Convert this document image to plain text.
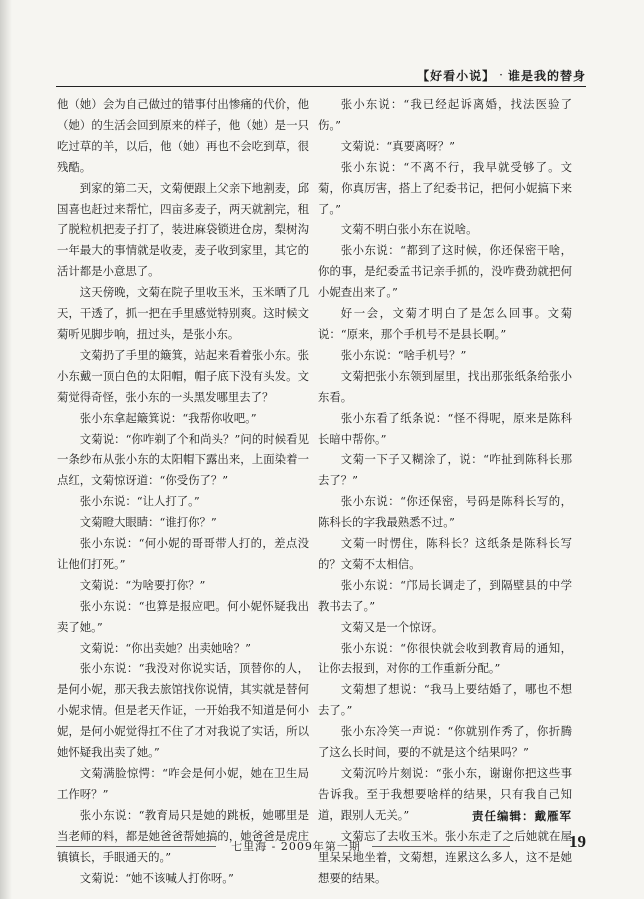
【好看小说】 · 谁是我的替身

他（她）会为自己做过的错事付出惨痛的代价，他（她）的生活会回到原来的样子，他（她）是一只吃过草的羊，以后，他（她）再也不会吃到草，很残酷。

到家的第二天，文菊便跟上父亲下地割麦，邱国喜也赶过来帮忙，四亩多麦子，两天就割完，租了脱粒机把麦子打了，装进麻袋锁进仓房，梨树沟一年最大的事情就是收麦，麦子收到家里，其它的活计都是小意思了。

这天傍晚，文菊在院子里收玉米，玉米晒了几天，干透了，抓一把在手里感觉特别爽。这时候文菊听见脚步响，扭过头，是张小东。

文菊扔了手里的簸箕，站起来看着张小东。张小东戴一顶白色的太阳帽，帽子底下没有头发。文菊觉得奇怪，张小东的一头黑发哪里去了？

张小东拿起簸箕说：“我帮你收吧。”

文菊说：“你咋剃了个和尚头？”问的时候看见一条纱布从张小东的太阳帽下露出来，上面染着一点红，文菊惊讶道：“你受伤了？”

张小东说：“让人打了。”

文菊瞪大眼睛：“谁打你？”

张小东说：“何小妮的哥哥带人打的，差点没让他们打死。”

文菊说：“为啥要打你？”

张小东说：“也算是报应吧。何小妮怀疑我出卖了她。”

文菊说：“你出卖她？出卖她啥？”

张小东说：“我没对你说实话，顶替你的人，是何小妮，那天我去旅馆找你说情，其实就是替何小妮求情。但是老天作证，一开始我不知道是何小妮，是何小妮觉得扛不住了才对我说了实话，所以她怀疑我出卖了她。”

文菊满脸惊愕：“咋会是何小妮，她在卫生局工作呀？”

张小东说：“教育局只是她的跳板，她哪里是当老师的料，都是她爸爸帮她搞的，她爸爸是虎庄镇镇长，手眼通天的。”

文菊说：“她不该喊人打你呀。”

张小东说：“我已经起诉离婚，找法医验了伤。”

文菊说：“真要离呀？”

张小东说：“不离不行，我早就受够了。文菊，你真厉害，搭上了纪委书记，把何小妮搞下来了。”

文菊不明白张小东在说啥。

张小东说：“都到了这时候，你还保密干啥，你的事，是纪委孟书记亲手抓的，没咋费劲就把何小妮查出来了。”

好一会，文菊才明白了是怎么回事。文菊说：“原来，那个手机号不是县长啊。”

张小东说：“啥手机号？”

文菊把张小东领到屋里，找出那张纸条给张小东看。

张小东看了纸条说：“怪不得呢，原来是陈科长暗中帮你。”

文菊一下子又糊涂了，说：“咋扯到陈科长那去了？”

张小东说：“你还保密，号码是陈科长写的，陈科长的字我最熟悉不过。”

文菊一时愣住，陈科长？这纸条是陈科长写的？文菊不太相信。

张小东说：“邝局长调走了，到隔壁县的中学教书去了。”

文菊又是一个惊讶。

张小东说：“你很快就会收到教育局的通知，让你去报到，对你的工作重新分配。”

文菊想了想说：“我马上要结婚了，哪也不想去了。”

张小东冷笑一声说：“你就别作秀了，你折腾了这么长时间，要的不就是这个结果吗？”

文菊沉吟片刻说：“张小东，谢谢你把这些事告诉我。至于我想要啥样的结果，只有我自己知道，跟别人无关。”

文菊忘了去收玉米。张小东走了之后她就在屋里呆呆地坐着，文菊想，连累这么多人，这不是她想要的结果。

责任编辑：戴雁军
七里海 - 2009年第一期	19
